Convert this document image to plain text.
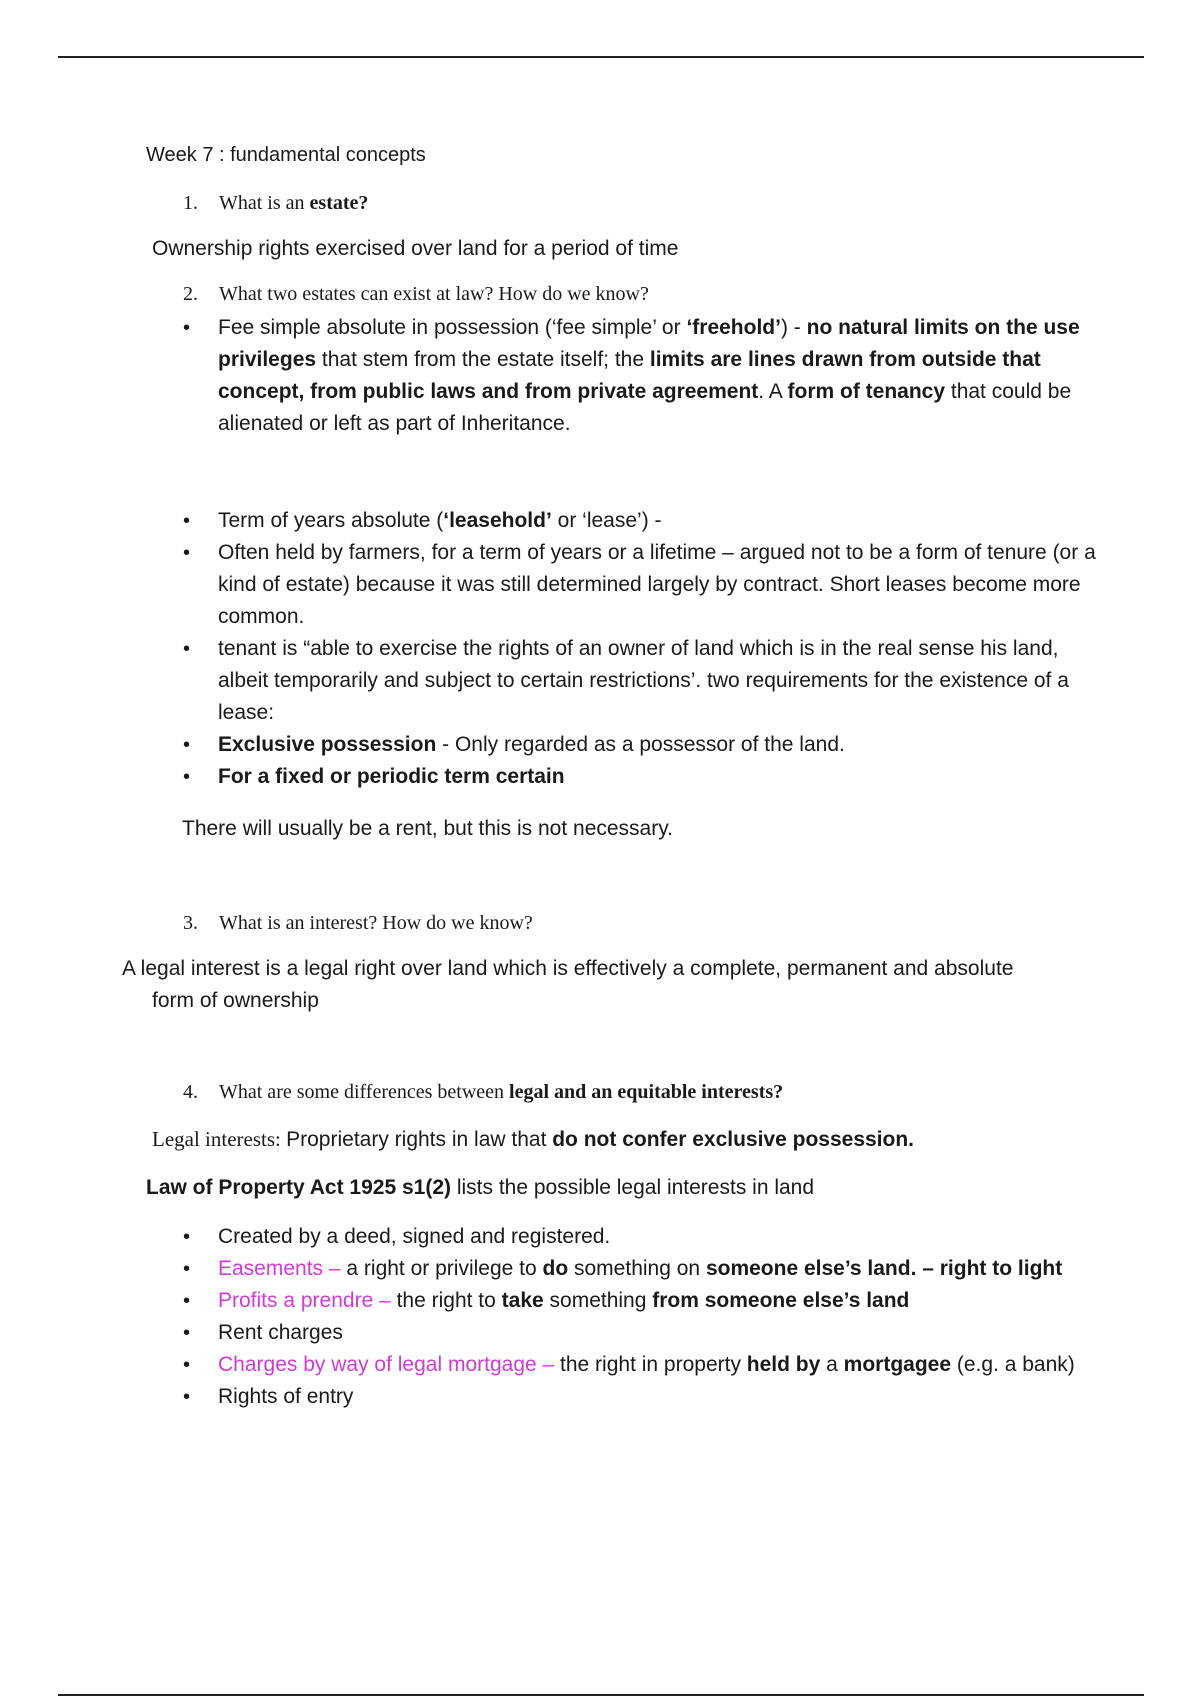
Week 7 : fundamental concepts
1. What is an estate?
Ownership rights exercised over land for a period of time
2. What two estates can exist at law? How do we know?
• Fee simple absolute in possession (‘fee simple’ or ‘freehold’) - no natural limits on the use privileges that stem from the estate itself; the limits are lines drawn from outside that concept, from public laws and from private agreement. A form of tenancy that could be alienated or left as part of Inheritance.
• Term of years absolute (‘leasehold’ or ‘lease’) -
• Often held by farmers, for a term of years or a lifetime – argued not to be a form of tenure (or a kind of estate) because it was still determined largely by contract. Short leases become more common.
• tenant is “able to exercise the rights of an owner of land which is in the real sense his land, albeit temporarily and subject to certain restrictions’. two requirements for the existence of a lease:
• Exclusive possession - Only regarded as a possessor of the land.
• For a fixed or periodic term certain
There will usually be a rent, but this is not necessary.
3. What is an interest? How do we know?
A legal interest is a legal right over land which is effectively a complete, permanent and absolute form of ownership
4. What are some differences between legal and an equitable interests?
Legal interests: Proprietary rights in law that do not confer exclusive possession.
Law of Property Act 1925 s1(2) lists the possible legal interests in land
• Created by a deed, signed and registered.
• Easements – a right or privilege to do something on someone else’s land. – right to light
• Profits a prendre – the right to take something from someone else’s land
• Rent charges
• Charges by way of legal mortgage – the right in property held by a mortgagee (e.g. a bank)
• Rights of entry
